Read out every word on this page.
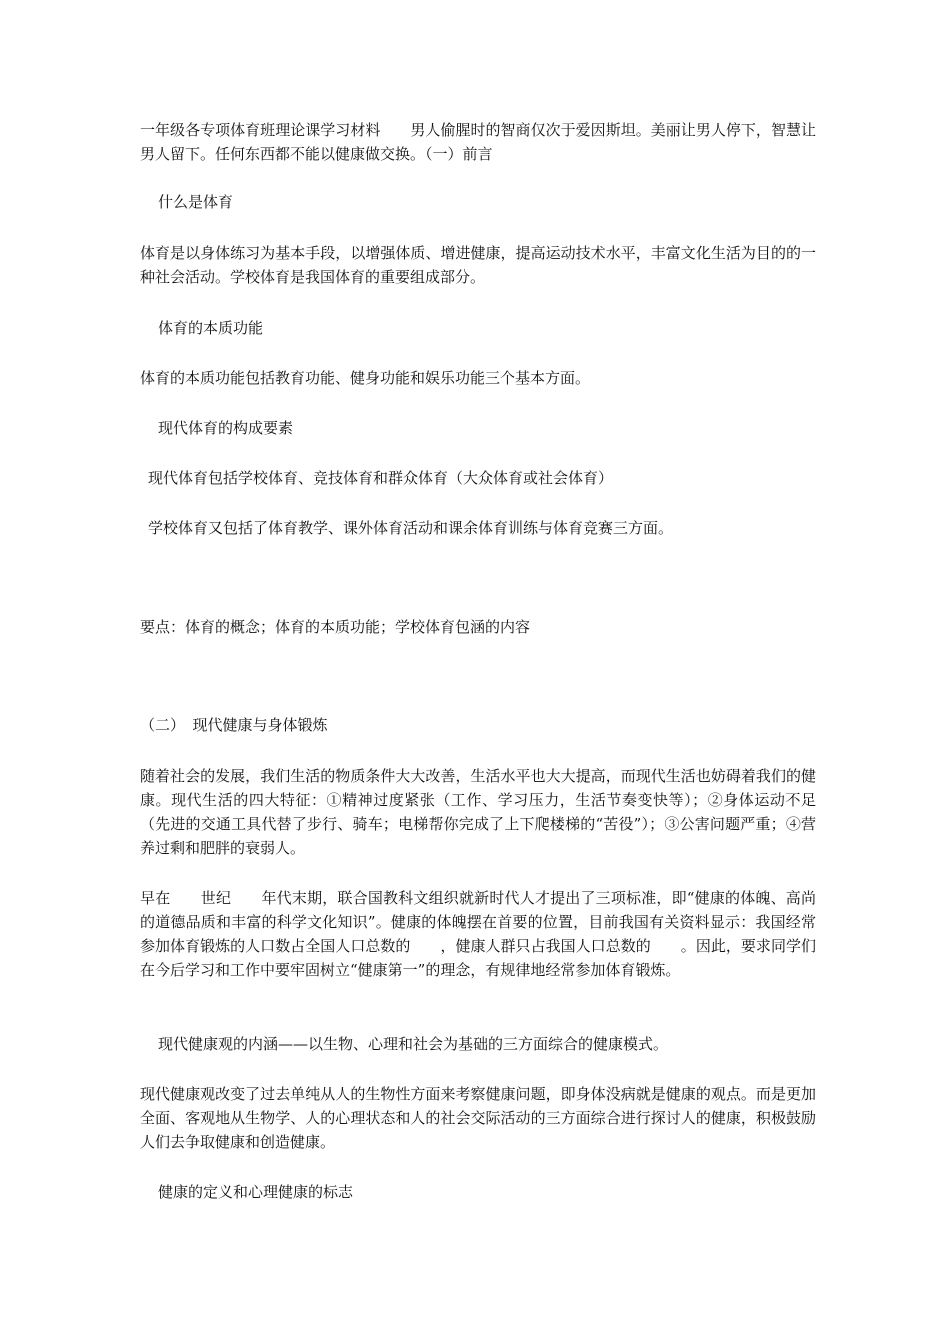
一年级各专项体育班理论课学习材料　　男人偷腥时的智商仅次于爱因斯坦。美丽让男人停下，智慧让男人留下。任何东西都不能以健康做交换。（一）前言

什么是体育

体育是以身体练习为基本手段，以增强体质、增进健康，提高运动技术水平，丰富文化生活为目的的一种社会活动。学校体育是我国体育的重要组成部分。

体育的本质功能

体育的本质功能包括教育功能、健身功能和娱乐功能三个基本方面。

现代体育的构成要素

现代体育包括学校体育、竞技体育和群众体育（大众体育或社会体育）

学校体育又包括了体育教学、课外体育活动和课余体育训练与体育竞赛三方面。

要点：体育的概念；体育的本质功能；学校体育包涵的内容

（二）　现代健康与身体锻炼

随着社会的发展，我们生活的物质条件大大改善，生活水平也大大提高，而现代生活也妨碍着我们的健康。现代生活的四大特征：①精神过度紧张（工作、学习压力，生活节奏变快等）；②身体运动不足（先进的交通工具代替了步行、骑车；电梯帮你完成了上下爬楼梯的“苦役”）；③公害问题严重；④营养过剩和肥胖的衰弱人。

早在　　世纪　　年代末期，联合国教科文组织就新时代人才提出了三项标准，即“健康的体魄、高尚的道德品质和丰富的科学文化知识”。健康的体魄摆在首要的位置，目前我国有关资料显示：我国经常参加体育锻炼的人口数占全国人口总数的　　，健康人群只占我国人口总数的　　。因此，要求同学们在今后学习和工作中要牢固树立“健康第一”的理念，有规律地经常参加体育锻炼。

现代健康观的内涵——以生物、心理和社会为基础的三方面综合的健康模式。

现代健康观改变了过去单纯从人的生物性方面来考察健康问题，即身体没病就是健康的观点。而是更加全面、客观地从生物学、人的心理状态和人的社会交际活动的三方面综合进行探讨人的健康，积极鼓励人们去争取健康和创造健康。

健康的定义和心理健康的标志
